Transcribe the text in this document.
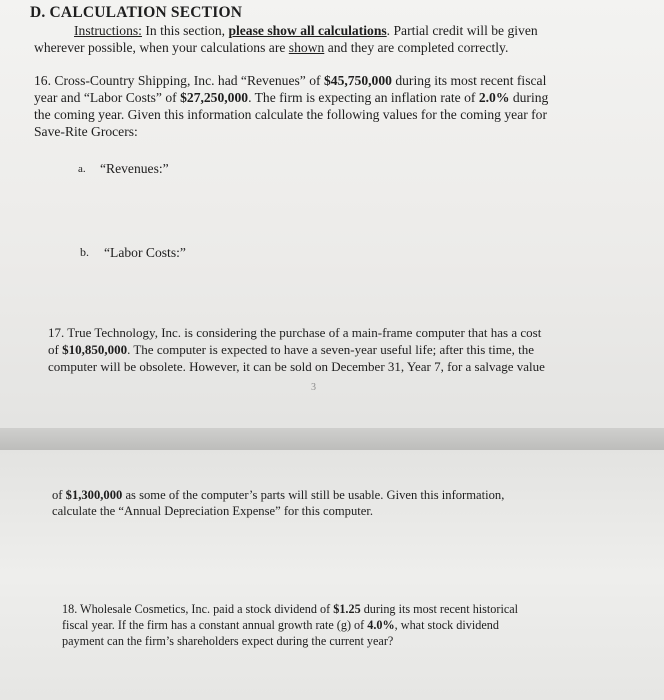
D. CALCULATION SECTION

Instructions: In this section, please show all calculations. Partial credit will be given

wherever possible, when your calculations are shown and they are completed correctly.

16. Cross-Country Shipping, Inc. had “Revenues” of $45,750,000 during its most recent fiscal

year and “Labor Costs” of $27,250,000. The firm is expecting an inflation rate of 2.0% during

the coming year. Given this information calculate the following values for the coming year for

Save-Rite Grocers:

a. “Revenues:”

b. “Labor Costs:”

17. True Technology, Inc. is considering the purchase of a main-frame computer that has a cost

of $10,850,000. The computer is expected to have a seven-year useful life; after this time, the

computer will be obsolete. However, it can be sold on December 31, Year 7, for a salvage value

3

of $1,300,000 as some of the computer’s parts will still be usable. Given this information,

calculate the “Annual Depreciation Expense” for this computer.

18. Wholesale Cosmetics, Inc. paid a stock dividend of $1.25 during its most recent historical

fiscal year. If the firm has a constant annual growth rate (g) of 4.0%, what stock dividend

payment can the firm’s shareholders expect during the current year?
